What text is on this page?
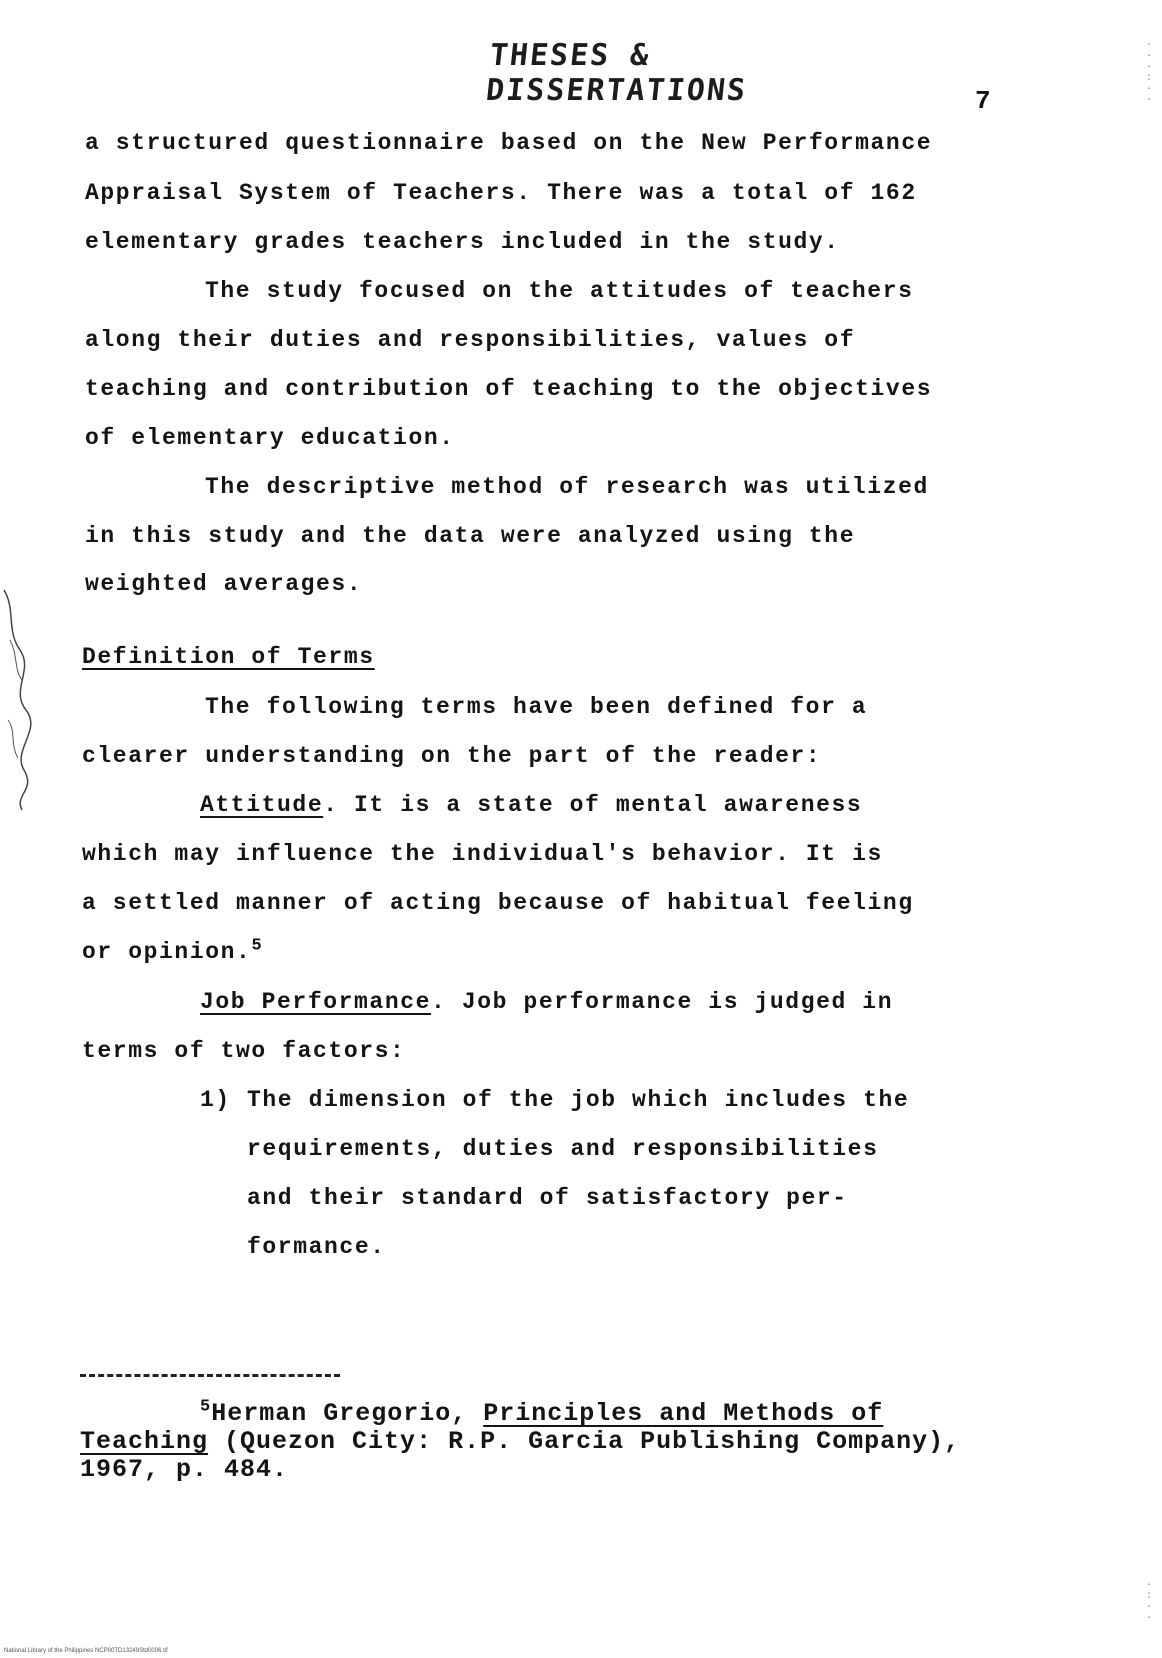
THESES & DISSERTATIONS	7
a structured questionnaire based on the New Performance
Appraisal System of Teachers. There was a total of 162
elementary grades teachers included in the study.
The study focused on the attitudes of teachers
along their duties and responsibilities, values of
teaching and contribution of teaching to the objectives
of elementary education.
The descriptive method of research was utilized
in this study and the data were analyzed using the
weighted averages.
Definition of Terms
The following terms have been defined for a
clearer understanding on the part of the reader:
Attitude. It is a state of mental awareness
which may influence the individual's behavior. It is
a settled manner of acting because of habitual feeling
or opinion.$^5$
Job Performance. Job performance is judged in
terms of two factors:
1) The dimension of the job which includes the
requirements, duties and responsibilities
and their standard of satisfactory per-
formance.
$^5$Herman Gregorio, Principles and Methods of
Teaching (Quezon City: R.P. Garcia Publishing Company),
1967, p. 484.
·
·
·
:
·
·
·
:
·
·
National Library of the Philippines NCP00TD13249Std0006.tif
